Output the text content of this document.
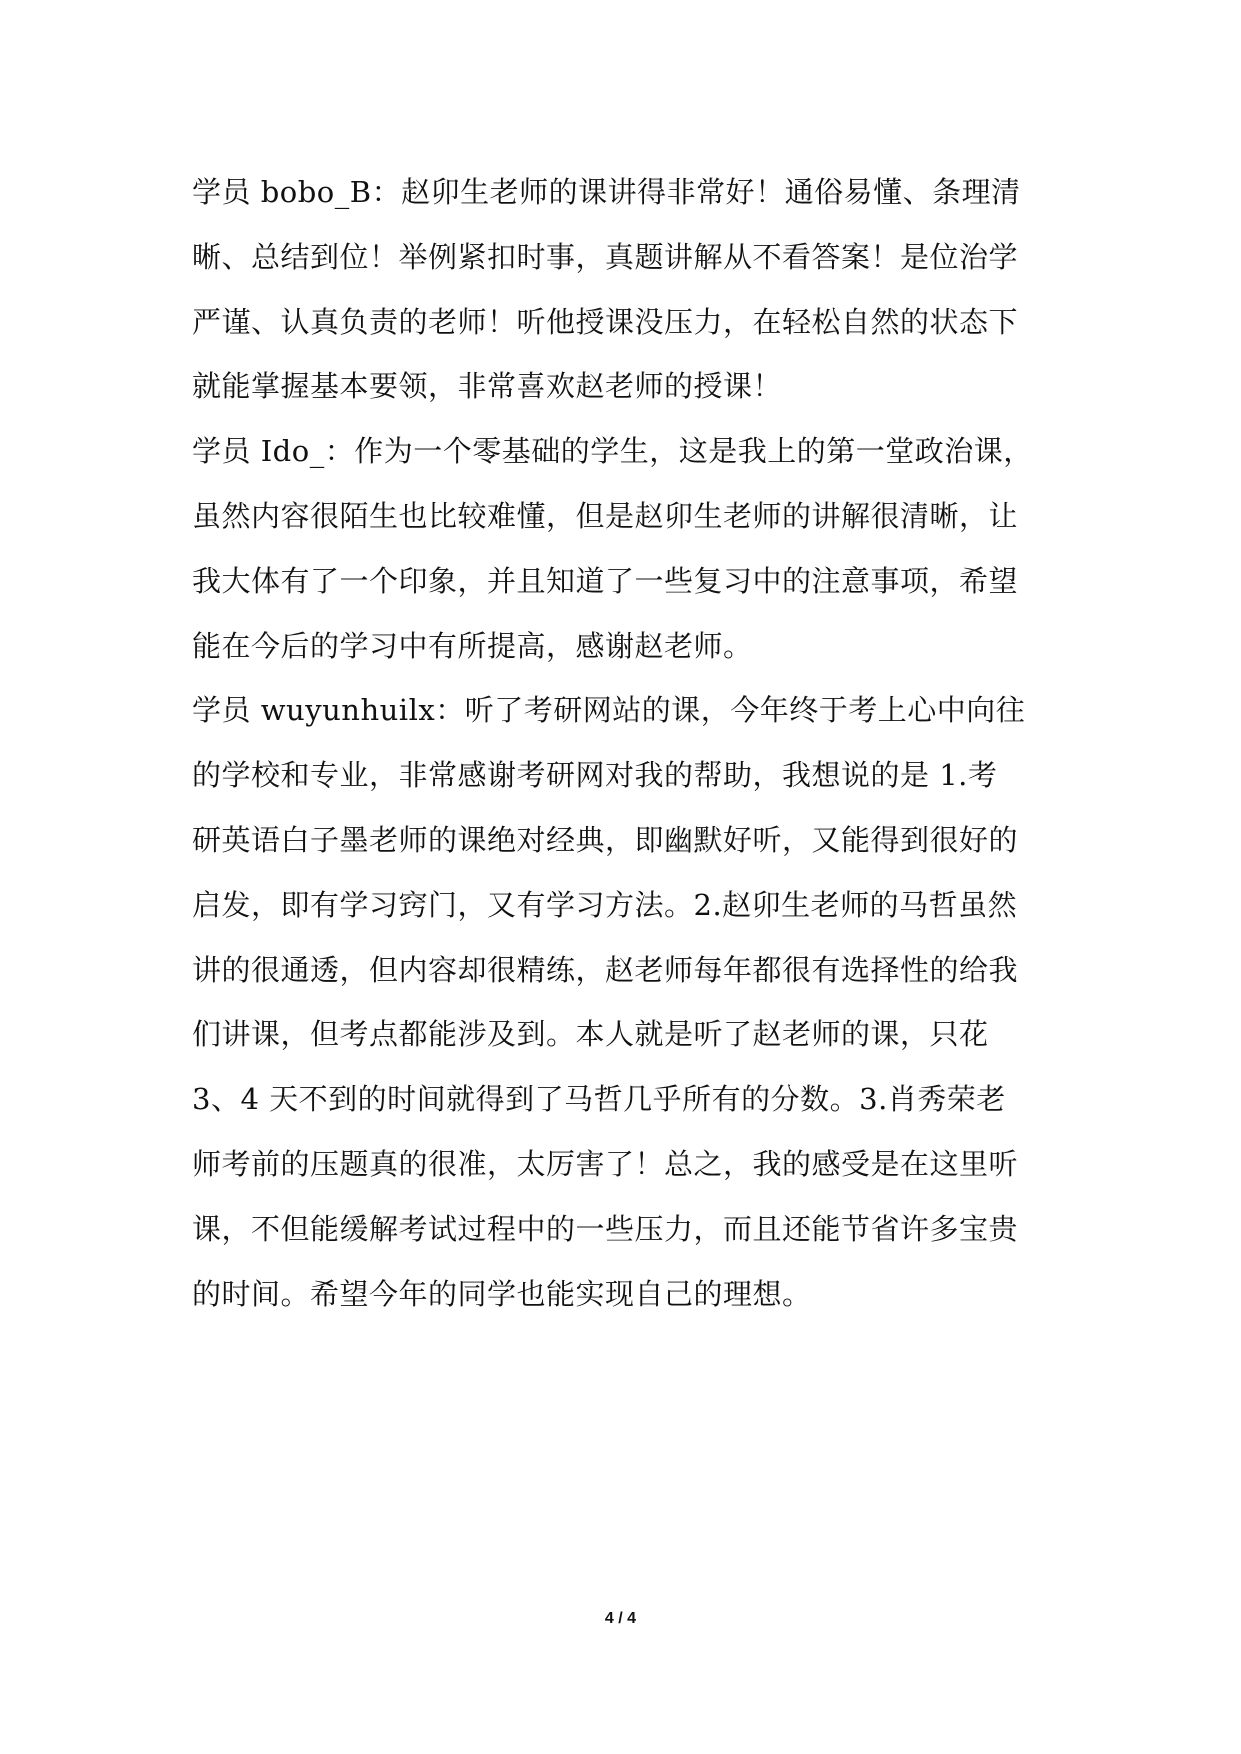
学员 bobo_B：赵卯生老师的课讲得非常好！通俗易懂、条理清
晰、总结到位！举例紧扣时事，真题讲解从不看答案！是位治学
严谨、认真负责的老师！听他授课没压力，在轻松自然的状态下
就能掌握基本要领，非常喜欢赵老师的授课！

学员 Ido_：作为一个零基础的学生，这是我上的第一堂政治课，
虽然内容很陌生也比较难懂，但是赵卯生老师的讲解很清晰，让
我大体有了一个印象，并且知道了一些复习中的注意事项，希望
能在今后的学习中有所提高，感谢赵老师。

学员 wuyunhuilx：听了考研网站的课，今年终于考上心中向往
的学校和专业，非常感谢考研网对我的帮助，我想说的是 1.考
研英语白子墨老师的课绝对经典，即幽默好听，又能得到很好的
启发，即有学习窍门，又有学习方法。2.赵卯生老师的马哲虽然
讲的很通透，但内容却很精练，赵老师每年都很有选择性的给我
们讲课，但考点都能涉及到。本人就是听了赵老师的课，只花
3、4 天不到的时间就得到了马哲几乎所有的分数。3.肖秀荣老
师考前的压题真的很准，太厉害了！总之，我的感受是在这里听
课，不但能缓解考试过程中的一些压力，而且还能节省许多宝贵
的时间。希望今年的同学也能实现自己的理想。

4 / 4
